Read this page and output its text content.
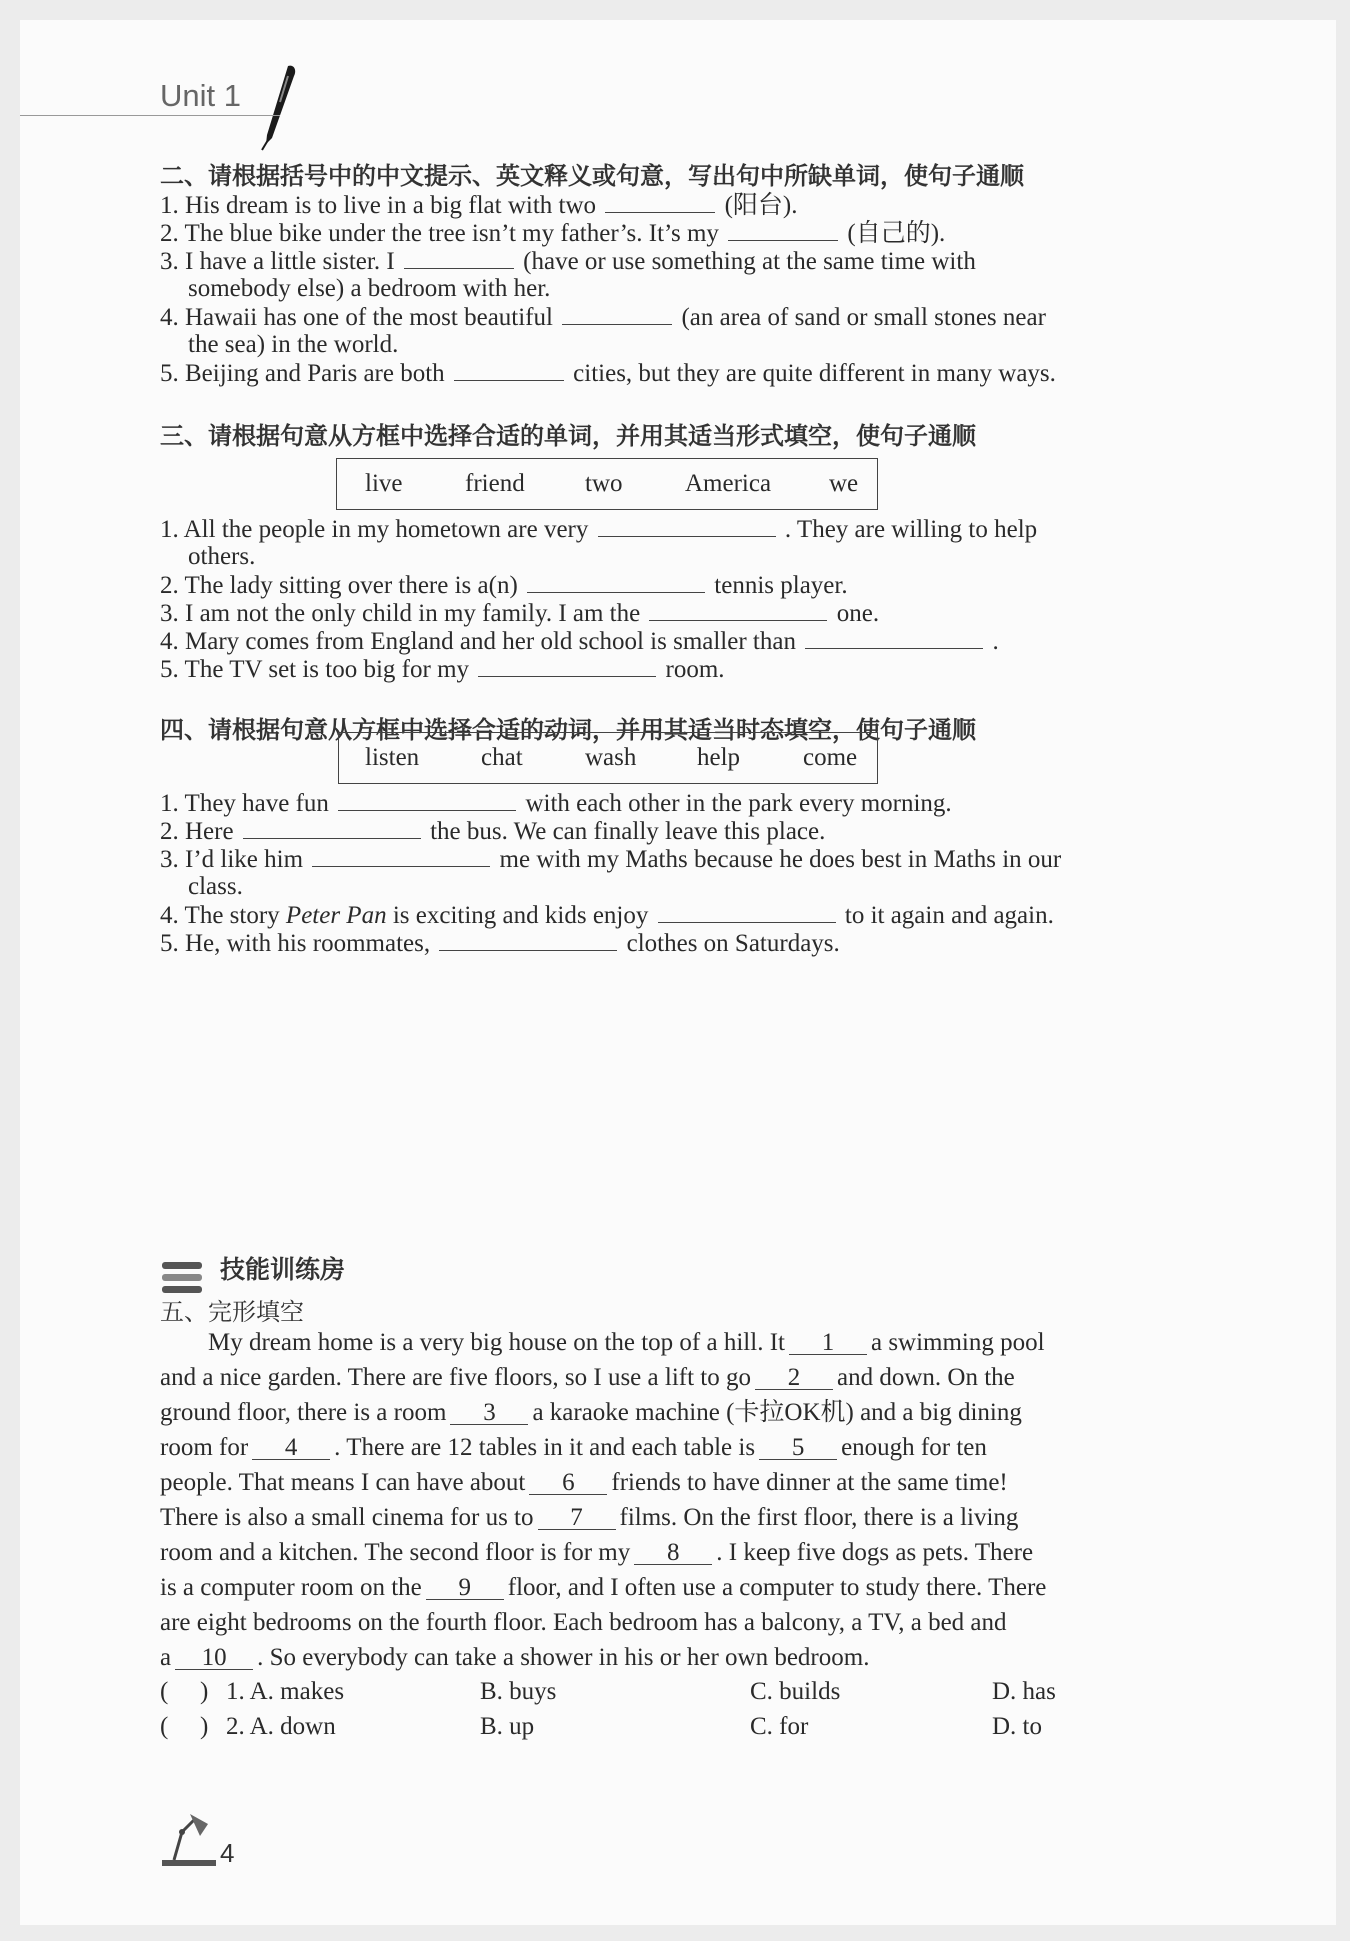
Unit 1
二、请根据括号中的中文提示、英文释义或句意，写出句中所缺单词，使句子通顺
1. His dream is to live in a big flat with two	(阳台).
2. The blue bike under the tree isn’t my father’s. It’s my	(自己的).
3. I have a little sister. I	(have or use something at the same time with
somebody else) a bedroom with her.
4. Hawaii has one of the most beautiful	(an area of sand or small stones near
the sea) in the world.
5. Beijing and Paris are both	cities, but they are quite different in many ways.
三、请根据句意从方框中选择合适的单词，并用其适当形式填空，使句子通顺
live	friend two	America we
1. All the people in my hometown are very	. They are willing to help
others.
2. The lady sitting over there is a(n)	tennis player.
3. I am not the only child in my family. I am the	one.
4. Mary comes from England and her old school is smaller than	.
5. The TV set is too big for my	room.
四、请根据句意从方框中选择合适的动词，并用其适当时态填空，使句子通顺
listen chat wash help	come
1. They have fun	with each other in the park every morning.
2. Here	the bus. We can finally leave this place.
3. I’d like him	me with my Maths because he does best in Maths in our
class.
4. The story Peter Pan is exciting and kids enjoy	to it again and again.
5. He, with his roommates,	clothes on Saturdays.
技能训练房
五、完形填空
My dream home is a very big house on the top of a hill. It 1 a swimming pool
and a nice garden. There are five floors, so I use a lift to go 2 and down. On the
ground floor, there is a room 3 a karaoke machine (卡拉OK机) and a big dining
room for 4 . There are 12 tables in it and each table is 5 enough for ten
people. That means I can have about 6 friends to have dinner at the same time!
There is also a small cinema for us to 7 films. On the first floor, there is a living
room and a kitchen. The second floor is for my 8 . I keep five dogs as pets. There
is a computer room on the 9 floor, and I often use a computer to study there. There
are eight bedrooms on the fourth floor. Each bedroom has a balcony, a TV, a bed and
a 10 . So everybody can take a shower in his or her own bedroom.
( ) 1. A. makes	B. buys	C. builds	D. has
( ) 2. A. down	B. up	C. for	D. to
4
